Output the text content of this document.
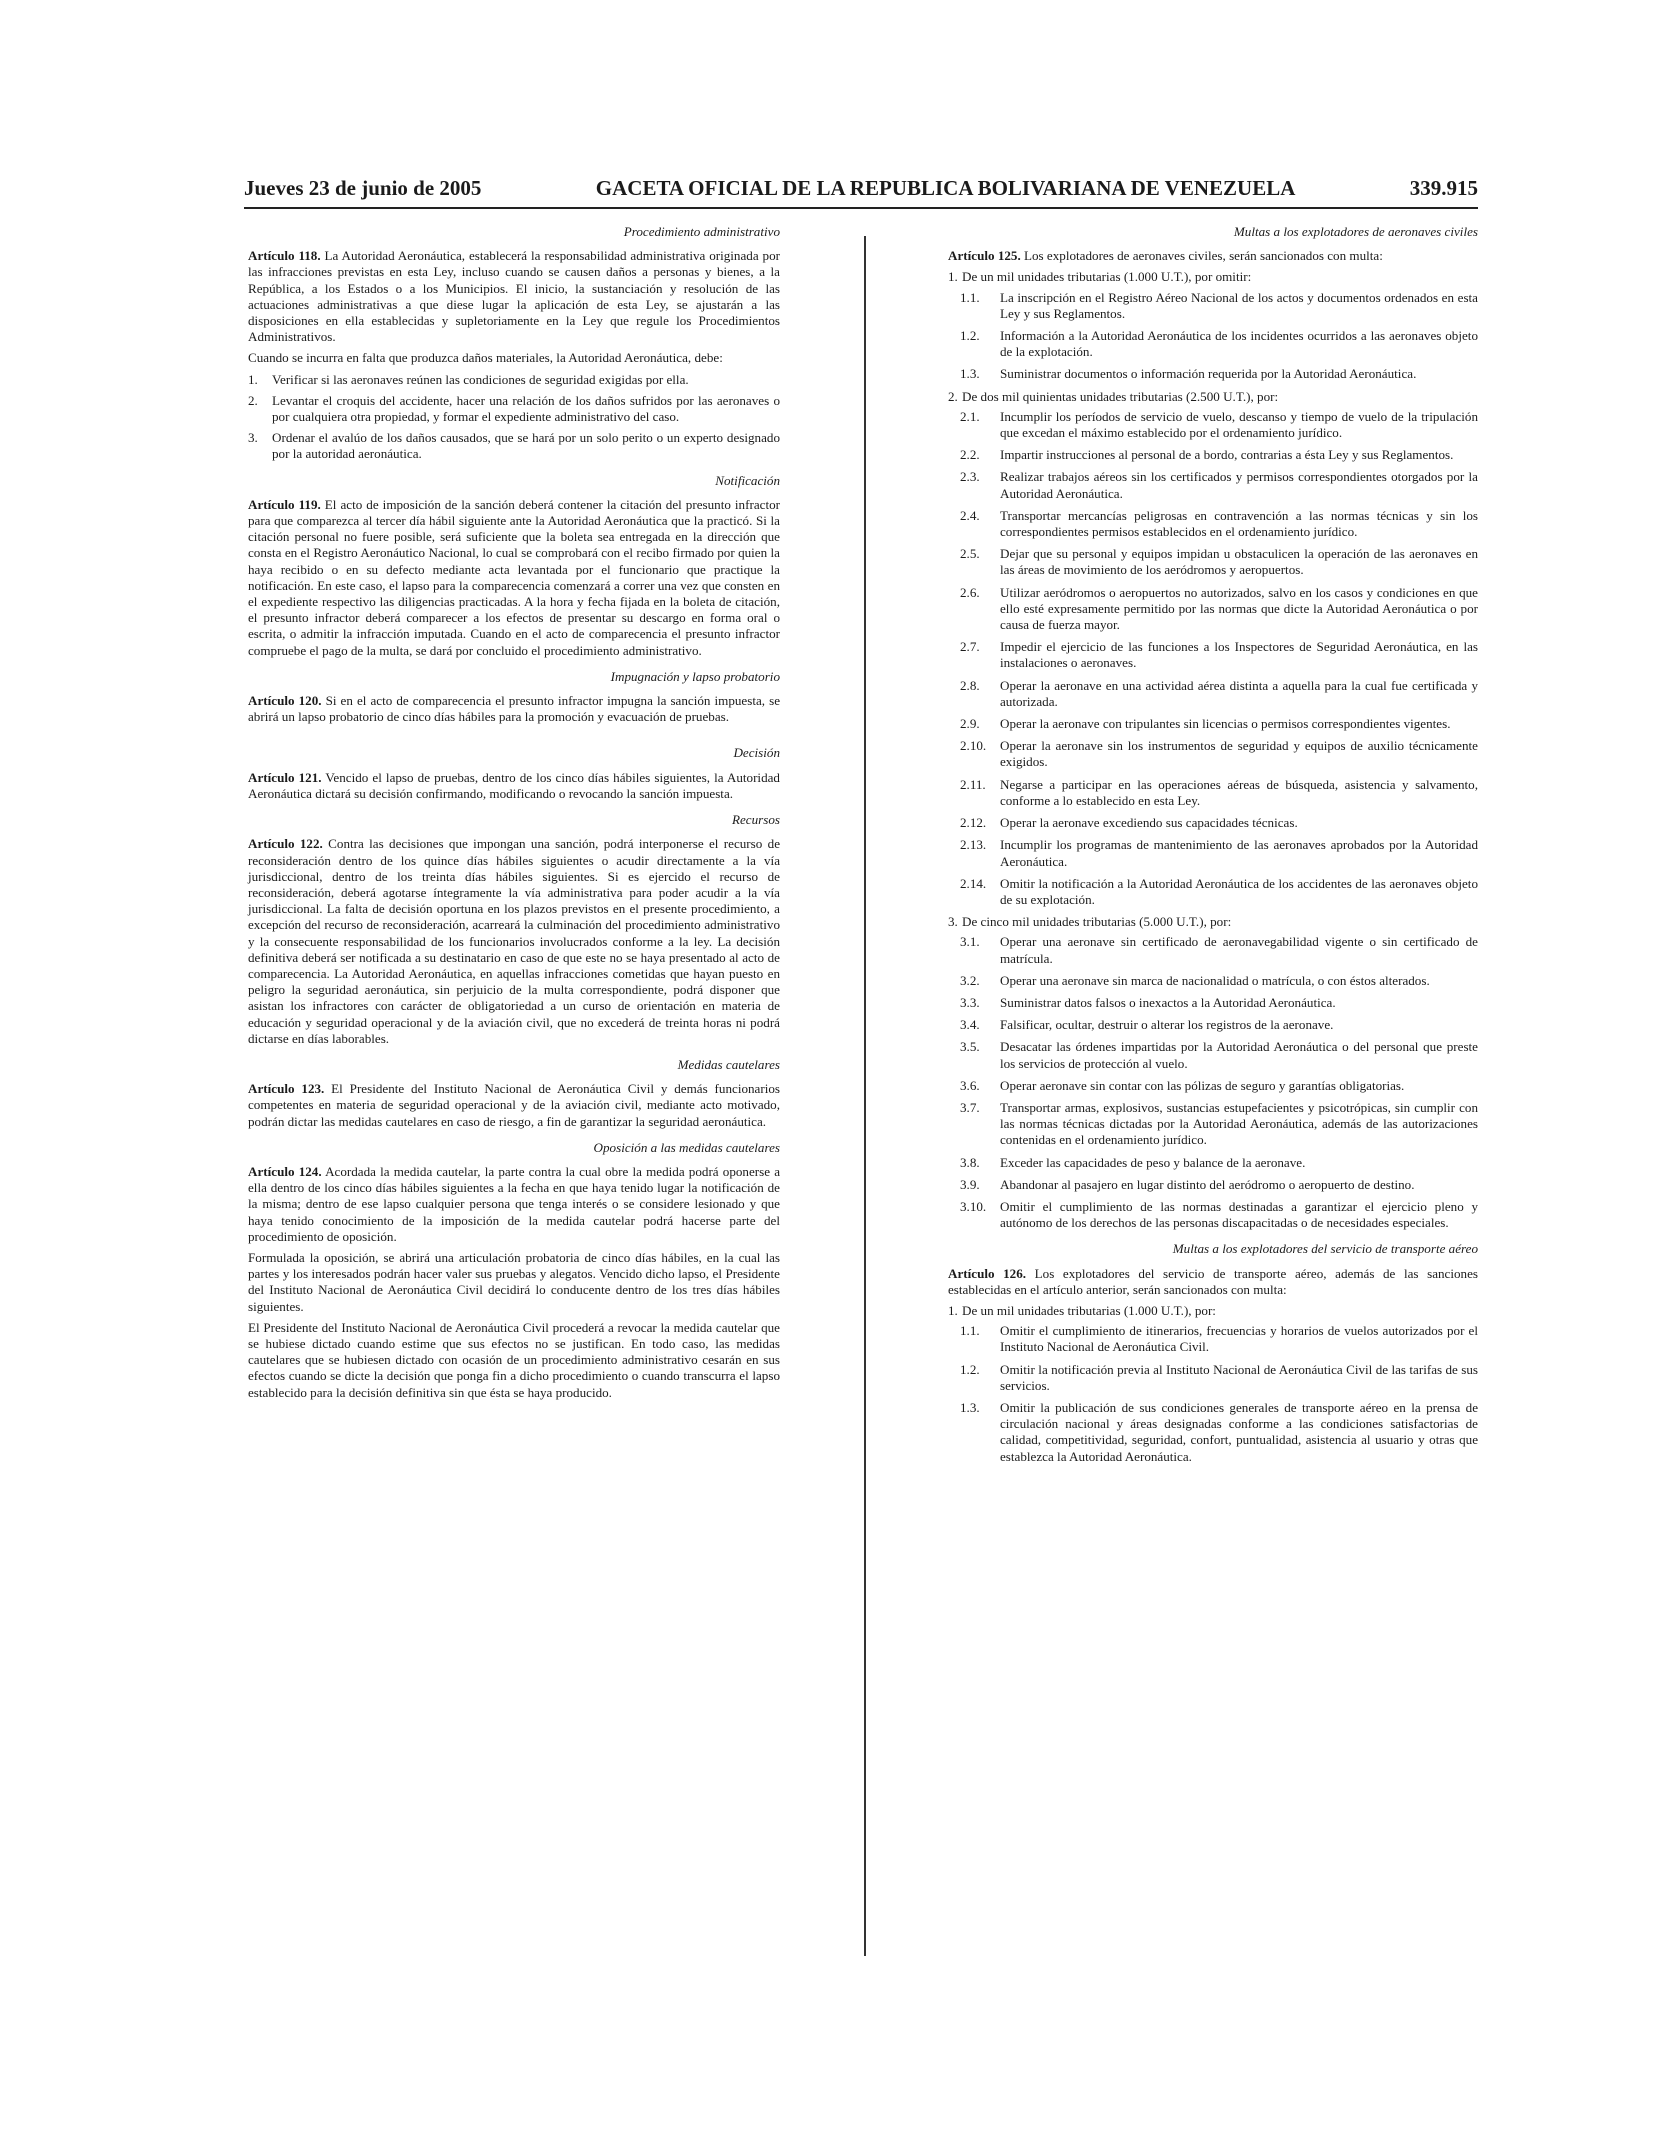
Jueves 23 de junio de 2005	GACETA OFICIAL DE LA REPUBLICA BOLIVARIANA DE VENEZUELA	339.915
Procedimiento administrativo

Artículo 118. La Autoridad Aeronáutica, establecerá la responsabilidad administrativa originada por las infracciones previstas en esta Ley, incluso cuando se causen daños a personas y bienes, a la República, a los Estados o a los Municipios. El inicio, la sustanciación y resolución de las actuaciones administrativas a que diese lugar la aplicación de esta Ley, se ajustarán a las disposiciones en ella establecidas y supletoriamente en la Ley que regule los Procedimientos Administrativos.

Cuando se incurra en falta que produzca daños materiales, la Autoridad Aeronáutica, debe:

1.	Verificar si las aeronaves reúnen las condiciones de seguridad exigidas por ella.
2.	Levantar el croquis del accidente, hacer una relación de los daños sufridos por las aeronaves o por cualquiera otra propiedad, y formar el expediente administrativo del caso.
3.	Ordenar el avalúo de los daños causados, que se hará por un solo perito o un experto designado por la autoridad aeronáutica.
Notificación

Artículo 119. El acto de imposición de la sanción deberá contener la citación del presunto infractor para que comparezca al tercer día hábil siguiente ante la Autoridad Aeronáutica que la practicó. Si la citación personal no fuere posible, será suficiente que la boleta sea entregada en la dirección que consta en el Registro Aeronáutico Nacional, lo cual se comprobará con el recibo firmado por quien la haya recibido o en su defecto mediante acta levantada por el funcionario que practique la notificación. En este caso, el lapso para la comparecencia comenzará a correr una vez que consten en el expediente respectivo las diligencias practicadas. A la hora y fecha fijada en la boleta de citación, el presunto infractor deberá comparecer a los efectos de presentar su descargo en forma oral o escrita, o admitir la infracción imputada. Cuando en el acto de comparecencia el presunto infractor compruebe el pago de la multa, se dará por concluido el procedimiento administrativo.

Impugnación y lapso probatorio

Artículo 120. Si en el acto de comparecencia el presunto infractor impugna la sanción impuesta, se abrirá un lapso probatorio de cinco días hábiles para la promoción y evacuación de pruebas.

Decisión

Artículo 121. Vencido el lapso de pruebas, dentro de los cinco días hábiles siguientes, la Autoridad Aeronáutica dictará su decisión confirmando, modificando o revocando la sanción impuesta.

Recursos

Artículo 122. Contra las decisiones que impongan una sanción, podrá interponerse el recurso de reconsideración dentro de los quince días hábiles siguientes o acudir directamente a la vía jurisdiccional, dentro de los treinta días hábiles siguientes. Si es ejercido el recurso de reconsideración, deberá agotarse íntegramente la vía administrativa para poder acudir a la vía jurisdiccional. La falta de decisión oportuna en los plazos previstos en el presente procedimiento, a excepción del recurso de reconsideración, acarreará la culminación del procedimiento administrativo y la consecuente responsabilidad de los funcionarios involucrados conforme a la ley. La decisión definitiva deberá ser notificada a su destinatario en caso de que este no se haya presentado al acto de comparecencia. La Autoridad Aeronáutica, en aquellas infracciones cometidas que hayan puesto en peligro la seguridad aeronáutica, sin perjuicio de la multa correspondiente, podrá disponer que asistan los infractores con carácter de obligatoriedad a un curso de orientación en materia de educación y seguridad operacional y de la aviación civil, que no excederá de treinta horas ni podrá dictarse en días laborables.

Medidas cautelares

Artículo 123. El Presidente del Instituto Nacional de Aeronáutica Civil y demás funcionarios competentes en materia de seguridad operacional y de la aviación civil, mediante acto motivado, podrán dictar las medidas cautelares en caso de riesgo, a fin de garantizar la seguridad aeronáutica.

Oposición a las medidas cautelares

Artículo 124. Acordada la medida cautelar, la parte contra la cual obre la medida podrá oponerse a ella dentro de los cinco días hábiles siguientes a la fecha en que haya tenido lugar la notificación de la misma; dentro de ese lapso cualquier persona que tenga interés o se considere lesionado y que haya tenido conocimiento de la imposición de la medida cautelar podrá hacerse parte del procedimiento de oposición.

Formulada la oposición, se abrirá una articulación probatoria de cinco días hábiles, en la cual las partes y los interesados podrán hacer valer sus pruebas y alegatos. Vencido dicho lapso, el Presidente del Instituto Nacional de Aeronáutica Civil decidirá lo conducente dentro de los tres días hábiles siguientes.

El Presidente del Instituto Nacional de Aeronáutica Civil procederá a revocar la medida cautelar que se hubiese dictado cuando estime que sus efectos no se justifican. En todo caso, las medidas cautelares que se hubiesen dictado con ocasión de un procedimiento administrativo cesarán en sus efectos cuando se dicte la decisión que ponga fin a dicho procedimiento o cuando transcurra el lapso establecido para la decisión definitiva sin que ésta se haya producido.

Multas a los explotadores de aeronaves civiles

Artículo 125. Los explotadores de aeronaves civiles, serán sancionados con multa:

1. De un mil unidades tributarias (1.000 U.T.), por omitir:
1.1.	La inscripción en el Registro Aéreo Nacional de los actos y documentos ordenados en esta Ley y sus Reglamentos.
1.2.	Información a la Autoridad Aeronáutica de los incidentes ocurridos a las aeronaves objeto de la explotación.
1.3.	Suministrar documentos o información requerida por la Autoridad Aeronáutica.
2. De dos mil quinientas unidades tributarias (2.500 U.T.), por:
2.1.	Incumplir los períodos de servicio de vuelo, descanso y tiempo de vuelo de la tripulación que excedan el máximo establecido por el ordenamiento jurídico.
2.2.	Impartir instrucciones al personal de a bordo, contrarias a ésta Ley y sus Reglamentos.
2.3.	Realizar trabajos aéreos sin los certificados y permisos correspondientes otorgados por la Autoridad Aeronáutica.
2.4.	Transportar mercancías peligrosas en contravención a las normas técnicas y sin los correspondientes permisos establecidos en el ordenamiento jurídico.
2.5.	Dejar que su personal y equipos impidan u obstaculicen la operación de las aeronaves en las áreas de movimiento de los aeródromos y aeropuertos.
2.6.	Utilizar aeródromos o aeropuertos no autorizados, salvo en los casos y condiciones en que ello esté expresamente permitido por las normas que dicte la Autoridad Aeronáutica o por causa de fuerza mayor.
2.7.	Impedir el ejercicio de las funciones a los Inspectores de Seguridad Aeronáutica, en las instalaciones o aeronaves.
2.8.	Operar la aeronave en una actividad aérea distinta a aquella para la cual fue certificada y autorizada.
2.9.	Operar la aeronave con tripulantes sin licencias o permisos correspondientes vigentes.
2.10.	Operar la aeronave sin los instrumentos de seguridad y equipos de auxilio técnicamente exigidos.
2.11.	Negarse a participar en las operaciones aéreas de búsqueda, asistencia y salvamento, conforme a lo establecido en esta Ley.
2.12.	Operar la aeronave excediendo sus capacidades técnicas.
2.13.	Incumplir los programas de mantenimiento de las aeronaves aprobados por la Autoridad Aeronáutica.
2.14.	Omitir la notificación a la Autoridad Aeronáutica de los accidentes de las aeronaves objeto de su explotación.
3. De cinco mil unidades tributarias (5.000 U.T.), por:
3.1.	Operar una aeronave sin certificado de aeronavegabilidad vigente o sin certificado de matrícula.
3.2.	Operar una aeronave sin marca de nacionalidad o matrícula, o con éstos alterados.
3.3.	Suministrar datos falsos o inexactos a la Autoridad Aeronáutica.
3.4.	Falsificar, ocultar, destruir o alterar los registros de la aeronave.
3.5.	Desacatar las órdenes impartidas por la Autoridad Aeronáutica o del personal que preste los servicios de protección al vuelo.
3.6.	Operar aeronave sin contar con las pólizas de seguro y garantías obligatorias.
3.7.	Transportar armas, explosivos, sustancias estupefacientes y psicotrópicas, sin cumplir con las normas técnicas dictadas por la Autoridad Aeronáutica, además de las autorizaciones contenidas en el ordenamiento jurídico.
3.8.	Exceder las capacidades de peso y balance de la aeronave.
3.9.	Abandonar al pasajero en lugar distinto del aeródromo o aeropuerto de destino.
3.10.	Omitir el cumplimiento de las normas destinadas a garantizar el ejercicio pleno y autónomo de los derechos de las personas discapacitadas o de necesidades especiales.
Multas a los explotadores del servicio de transporte aéreo

Artículo 126. Los explotadores del servicio de transporte aéreo, además de las sanciones establecidas en el artículo anterior, serán sancionados con multa:

1. De un mil unidades tributarias (1.000 U.T.), por:
1.1.	Omitir el cumplimiento de itinerarios, frecuencias y horarios de vuelos autorizados por el Instituto Nacional de Aeronáutica Civil.
1.2.	Omitir la notificación previa al Instituto Nacional de Aeronáutica Civil de las tarifas de sus servicios.
1.3.	Omitir la publicación de sus condiciones generales de transporte aéreo en la prensa de circulación nacional y áreas designadas conforme a las condiciones satisfactorias de calidad, competitividad, seguridad, confort, puntualidad, asistencia al usuario y otras que establezca la Autoridad Aeronáutica.
